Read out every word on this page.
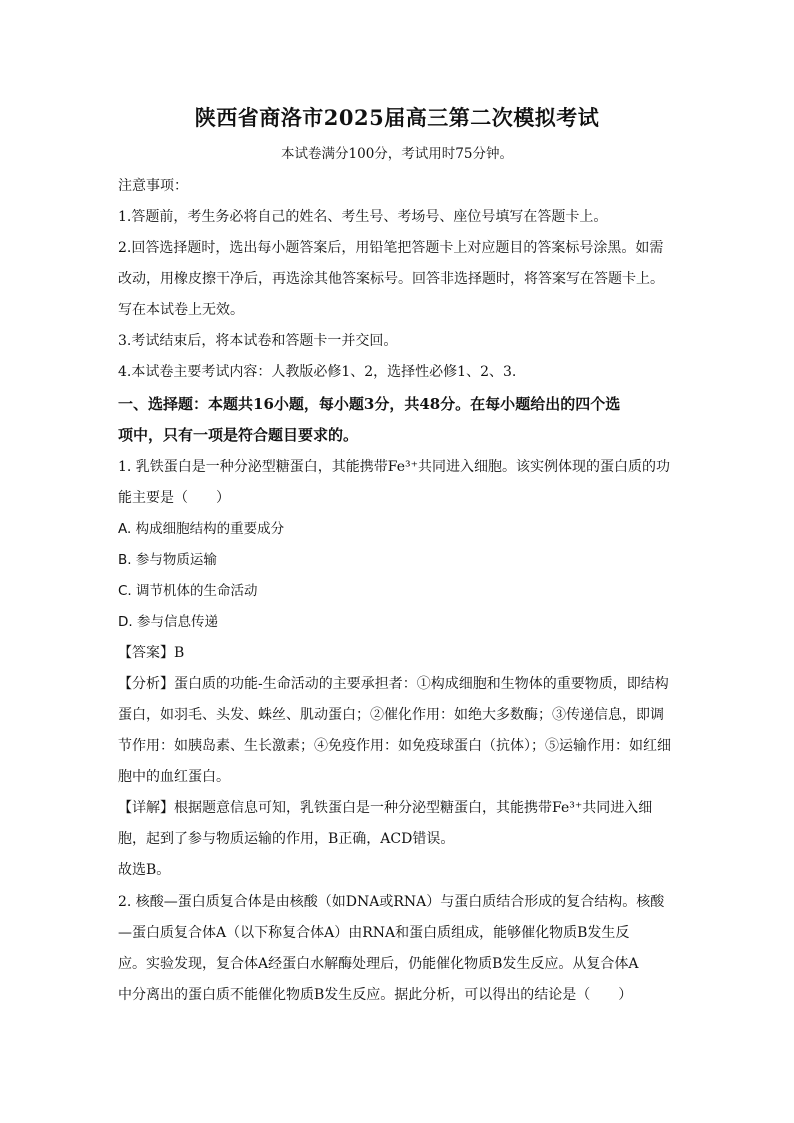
陕西省商洛市2025届高三第二次模拟考试
本试卷满分100分，考试用时75分钟。
注意事项：
1.答题前，考生务必将自己的姓名、考生号、考场号、座位号填写在答题卡上。
2.回答选择题时，选出每小题答案后，用铅笔把答题卡上对应题目的答案标号涂黑。如需
改动，用橡皮擦干净后，再选涂其他答案标号。回答非选择题时，将答案写在答题卡上。
写在本试卷上无效。
3.考试结束后，将本试卷和答题卡一并交回。
4.本试卷主要考试内容：人教版必修1、2，选择性必修1、2、3.
一、选择题：本题共16小题，每小题3分，共48分。在每小题给出的四个选
项中，只有一项是符合题目要求的。
1. 乳铁蛋白是一种分泌型糖蛋白，其能携带Fe³⁺共同进入细胞。该实例体现的蛋白质的功
能主要是（　　）
A. 构成细胞结构的重要成分
B. 参与物质运输
C. 调节机体的生命活动
D. 参与信息传递
【答案】B
【分析】蛋白质的功能-生命活动的主要承担者：①构成细胞和生物体的重要物质，即结构
蛋白，如羽毛、头发、蛛丝、肌动蛋白；②催化作用：如绝大多数酶；③传递信息，即调
节作用：如胰岛素、生长激素；④免疫作用：如免疫球蛋白（抗体）；⑤运输作用：如红细
胞中的血红蛋白。
【详解】根据题意信息可知，乳铁蛋白是一种分泌型糖蛋白，其能携带Fe³⁺共同进入细
胞，起到了参与物质运输的作用，B正确，ACD错误。
故选B。
2. 核酸—蛋白质复合体是由核酸（如DNA或RNA）与蛋白质结合形成的复合结构。核酸
—蛋白质复合体A（以下称复合体A）由RNA和蛋白质组成，能够催化物质B发生反
应。实验发现，复合体A经蛋白水解酶处理后，仍能催化物质B发生反应。从复合体A
中分离出的蛋白质不能催化物质B发生反应。据此分析，可以得出的结论是（　　）
